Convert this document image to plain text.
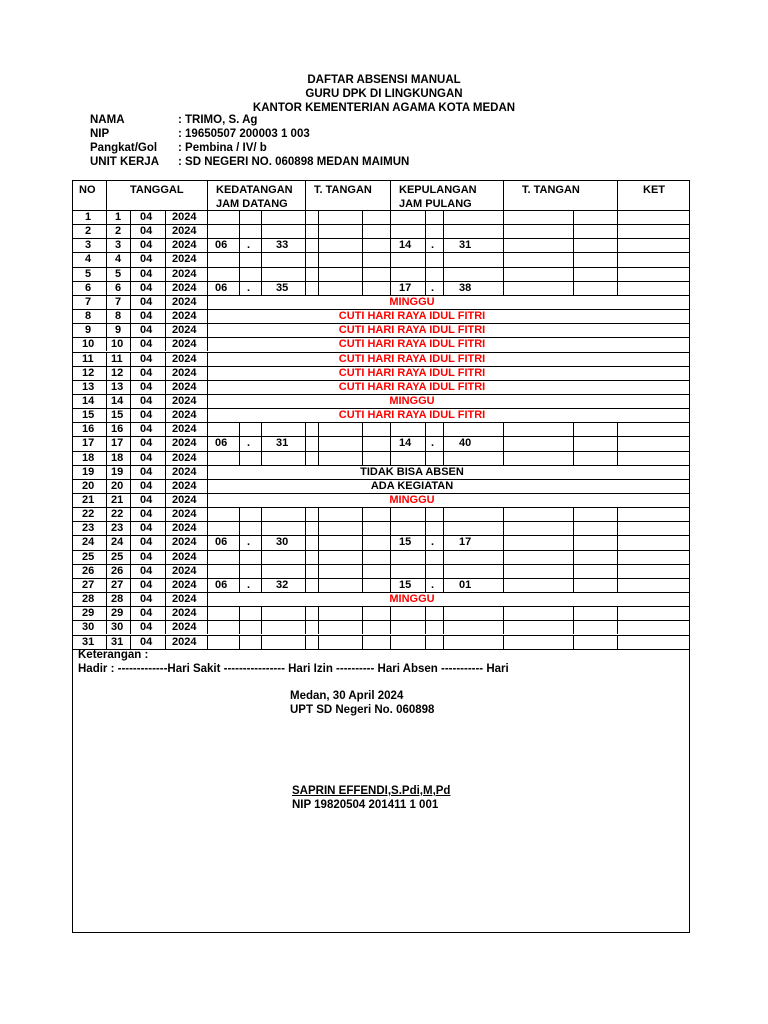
DAFTAR ABSENSI MANUAL
GURU DPK DI LINGKUNGAN
KANTOR KEMENTERIAN AGAMA KOTA MEDAN
NAMA	: TRIMO, S. Ag
NIP	: 19650507 200003 1 003
Pangkat/Gol : Pembina / IV/ b
UNIT KERJA : SD NEGERI NO. 060898 MEDAN MAIMUN
NO	TANGGAL	KEDATANGAN
JAM DATANG
T. TANGAN KEPULANGAN
JAM PULANG
T. TANGAN	KET
1 1 04 2024
2 2 04 2024
3 3 04 2024 06 . 33	14 . 31
4 4 04 2024
5 5 04 2024
6 6 04 2024 06 . 35	17 . 38
7 7 04 2024	MINGGU
8 8 04 2024	CUTI HARI RAYA IDUL FITRI
9 9 04 2024	CUTI HARI RAYA IDUL FITRI
10 10 04 2024	CUTI HARI RAYA IDUL FITRI
11 11 04 2024	CUTI HARI RAYA IDUL FITRI
12 12 04 2024	CUTI HARI RAYA IDUL FITRI
13 13 04 2024	CUTI HARI RAYA IDUL FITRI
14 14 04 2024	MINGGU
15 15 04 2024	CUTI HARI RAYA IDUL FITRI
16 16 04 2024
17 17 04 2024 06 . 31	14 . 40
18 18 04 2024
19 19 04 2024	TIDAK BISA ABSEN
20 20 04 2024	ADA KEGIATAN
21 21 04 2024	MINGGU
22 22 04 2024
23 23 04 2024
24 24 04 2024 06 . 30	15 . 17
25 25 04 2024
26 26 04 2024
27 27 04 2024 06 . 32	15 . 01
28 28 04 2024	MINGGU
29 29 04 2024
30 30 04 2024
31 31 04 2024
Keterangan :
Hadir : -------------Hari Sakit ---------------- Hari Izin ---------- Hari Absen ----------- Hari
Medan, 30 April 2024
UPT SD Negeri No. 060898
SAPRIN EFFENDI,S.Pdi,M,Pd
NIP 19820504 201411 1 001
